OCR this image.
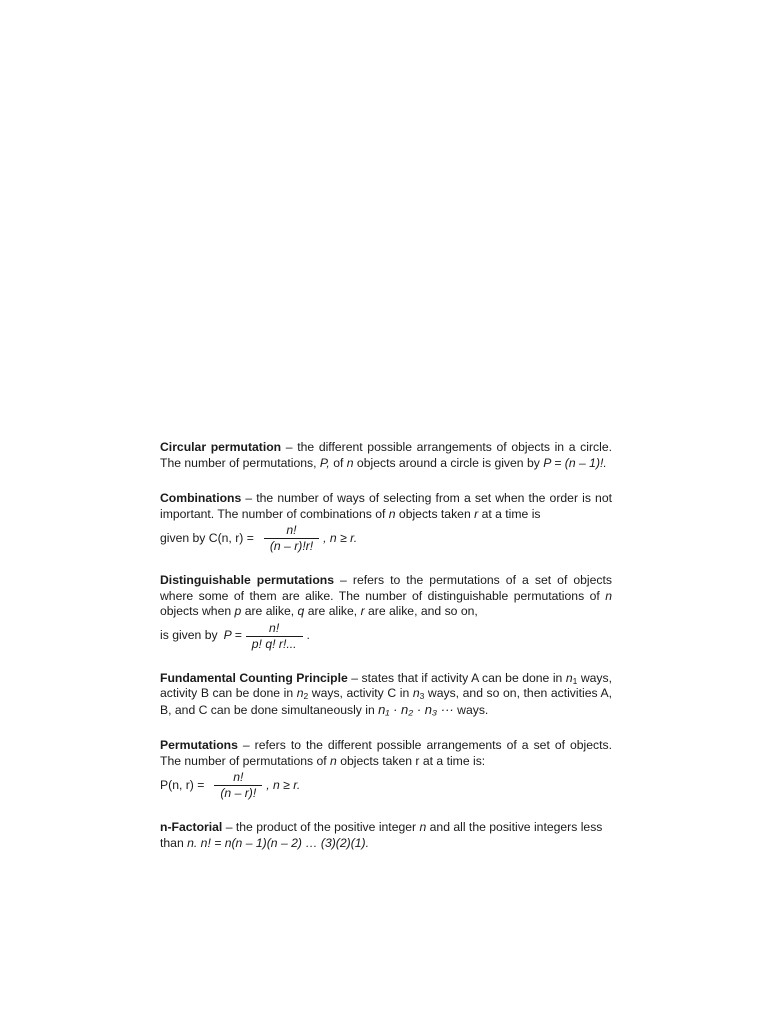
Circular permutation – the different possible arrangements of objects in a circle. The number of permutations, P, of n objects around a circle is given by P = (n – 1)!.

Combinations – the number of ways of selecting from a set when the order is not important. The number of combinations of n objects taken r at a time is

given by C(n, $r) = \frac{n!}{(n - r)!r!}$ , n ≥ r.

Distinguishable permutations – refers to the permutations of a set of objects where some of them are alike. The number of distinguishable permutations of n objects when p are alike, q are alike, r are alike, and so on,

is given by $P = \frac{n!}{p! q! r!...}$ .

Fundamental Counting Principle – states that if activity A can be done in $n_1$ ways, activity B can be done in $n_2$ ways, activity C in $n_3$ ways, and so on, then activities A, B, and C can be done simultaneously in n₁ · n₂ · n₃ ··· ways.

Permutations – refers to the different possible arrangements of a set of objects. The number of permutations of n objects taken r at a time is:

P(n, $r) = \frac{n!}{(n - r)!}$ , n ≥ r.

n-Factorial – the product of the positive integer n and all the positive integers less than n. n! = n(n – 1)(n – 2) … (3)(2)(1).
